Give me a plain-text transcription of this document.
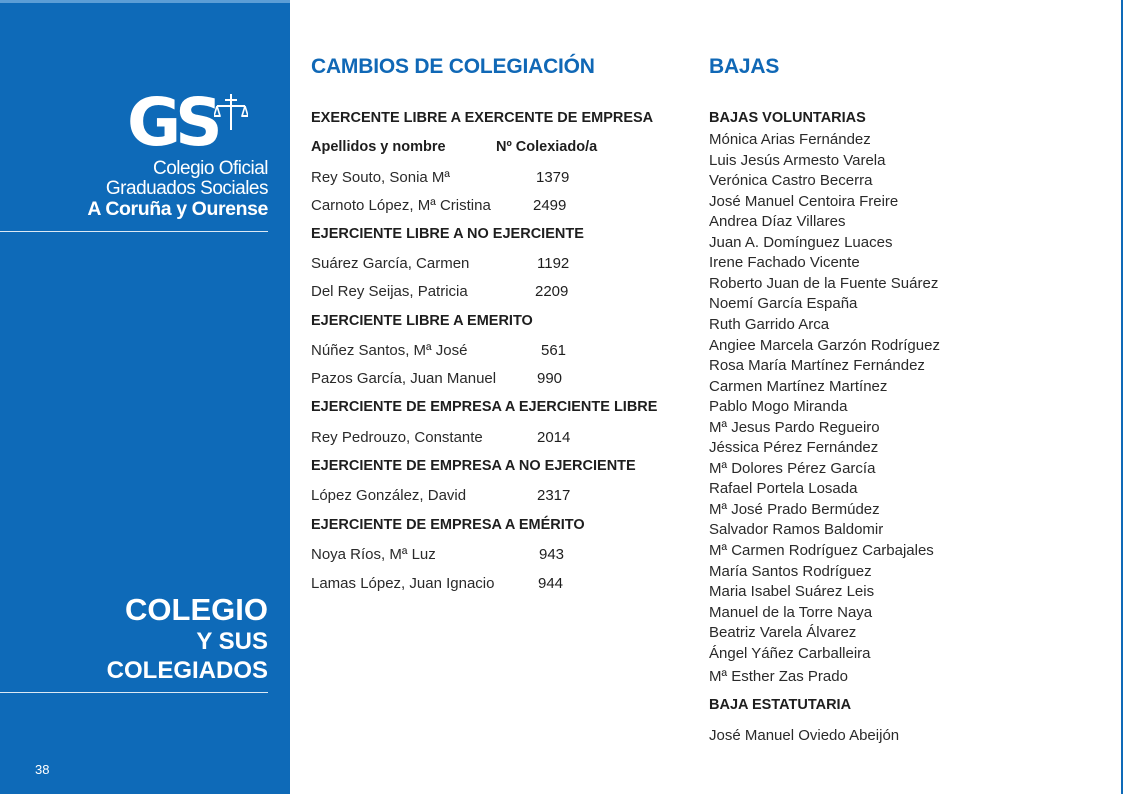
GS
Colegio Oficial
Graduados Sociales
A Coruña y Ourense
COLEGIO
Y SUS
COLEGIADOS
38
CAMBIOS DE COLEGIACIÓN
EXERCENTE LIBRE A EXERCENTE DE EMPRESA
Apellidos y nombre	Nº Colexiado/a
Rey Souto, Sonia Mª	1379
Carnoto López, Mª Cristina	2499
EJERCIENTE LIBRE A NO EJERCIENTE
Suárez García, Carmen	1192
Del Rey Seijas, Patricia	2209
EJERCIENTE LIBRE A EMERITO
Núñez Santos, Mª José	561
Pazos García, Juan Manuel	990
EJERCIENTE DE EMPRESA A EJERCIENTE LIBRE
Rey Pedrouzo, Constante	2014
EJERCIENTE DE EMPRESA A NO EJERCIENTE
López González, David	2317
EJERCIENTE DE EMPRESA A EMÉRITO
Noya Ríos, Mª Luz	943
Lamas López, Juan Ignacio	944
BAJAS
BAJAS VOLUNTARIAS
Mónica Arias Fernández
Luis Jesús Armesto Varela
Verónica Castro Becerra
José Manuel Centoira Freire
Andrea Díaz Villares
Juan A. Domínguez Luaces
Irene Fachado Vicente
Roberto Juan de la Fuente Suárez
Noemí García España
Ruth Garrido Arca
Angiee Marcela Garzón Rodríguez
Rosa María Martínez Fernández
Carmen Martínez Martínez
Pablo Mogo Miranda
Mª Jesus Pardo Regueiro
Jéssica Pérez Fernández
Mª Dolores Pérez García
Rafael Portela Losada
Mª José Prado Bermúdez
Salvador Ramos Baldomir
Mª Carmen Rodríguez Carbajales
María Santos Rodríguez
Maria Isabel Suárez Leis
Manuel de la Torre Naya
Beatriz Varela Álvarez
Ángel Yáñez Carballeira
Mª Esther Zas Prado
BAJA ESTATUTARIA
José Manuel Oviedo Abeijón
